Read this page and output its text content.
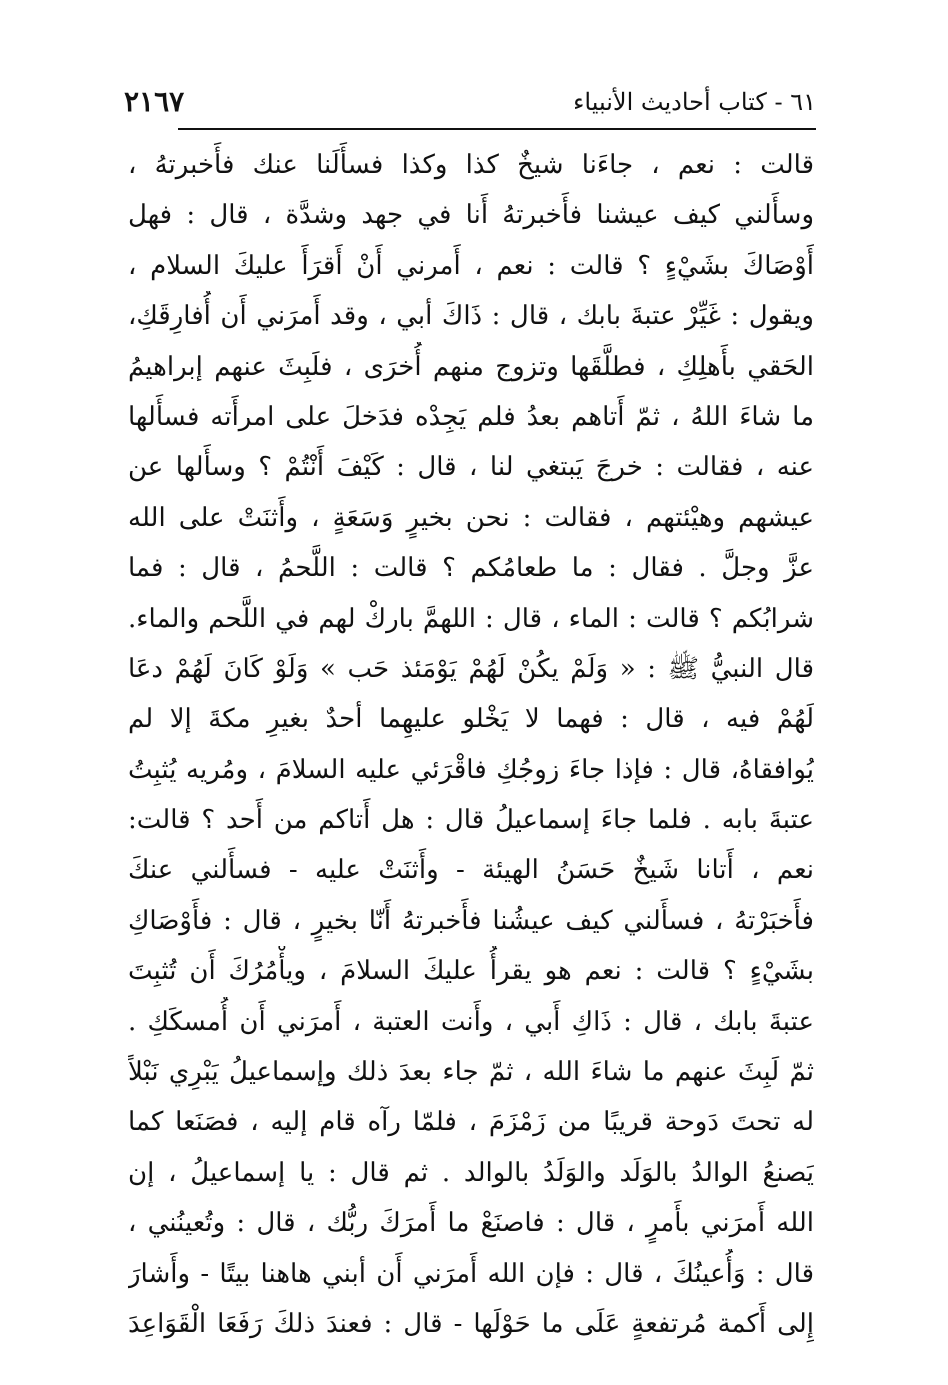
٢١٦٧	٦١ - كتاب أحاديث الأنبياء
قالت : نعم ، جاءَنا شيخٌ كذا وكذا فسأَلَنا عنك فأَخبرتهُ ،
وسأَلني كيف عيشنا فأَخبرتهُ أَنا في جهد وشدَّة ، قال : فهل
أَوْصَاكَ بشَيْءٍ ؟ قالت : نعم ، أَمرني أَنْ أَقرَأَ عليكَ السلام ،
ويقول : غَيِّرْ عتبةَ بابك ، قال : ذَاكَ أبي ، وقد أَمرَني أَن أُفارِقَكِ،
الحَقي بأَهلِكِ ، فطلَّقَها وتزوج منهم أُخرَى ، فلَبِثَ عنهم إبراهيمُ
ما شاءَ اللهُ ، ثمّ أَتاهم بعدُ فلم يَجِدْه فدَخلَ على امرأَته فسأَلها
عنه ، فقالت : خرجَ يَبتغي لنا ، قال : كَيْفَ أَنْتُمْ ؟ وسأَلها عن
عيشهم وهيْئتهم ، فقالت : نحن بخيرٍ وَسَعَةٍ ، وأَثنَتْ على الله
عزَّ وجلَّ . فقال : ما طعامُكم ؟ قالت : اللَّحمُ ، قال : فما
شرابُكم ؟ قالت : الماء ، قال : اللهمَّ باركْ لهم في اللَّحم والماء.
قال النبيُّ ﷺ : « وَلَمْ يكُنْ لَهُمْ يَوْمَئذ حَب » وَلَوْ كَانَ لَهُمْ دعَا
لَهُمْ فيه ، قال : فهما لا يَخْلو عليهِما أحدٌ بغيرِ مكةَ إلا لم
يُوافقاهُ، قال : فإذا جاءَ زوجُكِ فاقْرَئي عليه السلامَ ، ومُريه يُثبِتُ
عتبةَ بابه . فلما جاءَ إسماعيلُ قال : هل أَتاكم من أَحد ؟ قالت:
نعم ، أَتانا شَيخٌ حَسَنُ الهيئة - وأَثنَتْ عليه - فسأَلني عنكَ
فأَخبَرْتهُ ، فسأَلني كيف عيشُنا فأَخبرتهُ أَنّا بخيرٍ ، قال : فأَوْصَاكِ
بشَيْءٍ ؟ قالت : نعم هو يقرأُ عليكَ السلامَ ، ويأْمُرُكَ أَن تُثبِتَ
عتبةَ بابك ، قال : ذَاكِ أَبي ، وأَنت العتبة ، أَمرَني أَن أُمسكَكِ .
ثمّ لَبِثَ عنهم ما شاءَ الله ، ثمّ جاء بعدَ ذلك وإسماعيلُ يَبْرِي نَبْلاً
له تحتَ دَوحة قريبًا من زَمْزَمَ ، فلمّا رآه قام إليه ، فصَنَعا كما
يَصنعُ الوالدُ بالوَلَد والوَلَدُ بالوالد . ثم قال : يا إسماعيلُ ، إن
الله أَمرَني بأَمرٍ ، قال : فاصنَعْ ما أَمرَكَ ربُّك ، قال : وتُعينُني ،
قال : وَأُعينُكَ ، قال : فإن الله أَمرَني أَن أبني هاهنا بيتًا - وأَشارَ
إِلى أَكمة مُرتفعةٍ عَلَى ما حَوْلَها - قال : فعندَ ذلكَ رَفَعَا الْقَوَاعِدَ
